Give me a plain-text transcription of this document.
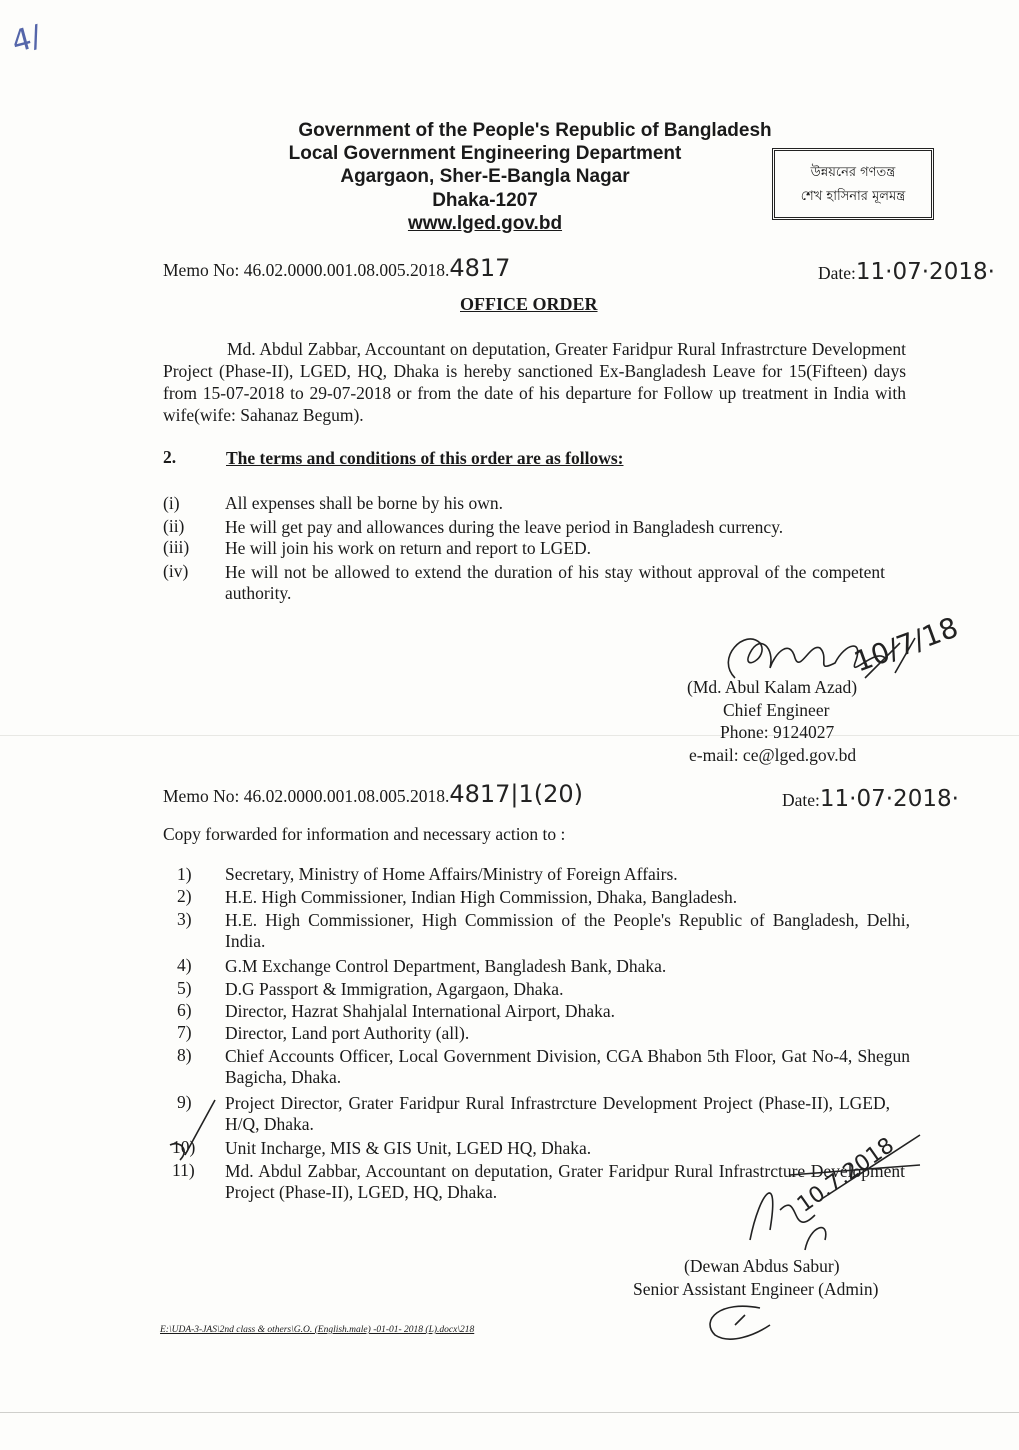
4/
Government of the People's Republic of Bangladesh
Local Government Engineering Department
Agargaon, Sher-E-Bangla Nagar
Dhaka-1207
www.lged.gov.bd
উন্নয়নের গণতন্ত্র
শেখ হাসিনার মূলমন্ত্র
Memo No: 46.02.0000.001.08.005.2018.4817	Date:11·07·2018·
OFFICE ORDER
Md. Abdul Zabbar, Accountant on deputation, Greater Faridpur Rural Infrastrcture Development Project (Phase-II), LGED, HQ, Dhaka is hereby sanctioned Ex-Bangladesh Leave for 15(Fifteen) days from 15-07-2018 to 29-07-2018 or from the date of his departure for Follow up treatment in India with wife(wife: Sahanaz Begum).
2.	The terms and conditions of this order are as follows:
(i)	All expenses shall be borne by his own.
(ii)	He will get pay and allowances during the leave period in Bangladesh currency.
(iii)	He will join his work on return and report to LGED.
(iv)	He will not be allowed to extend the duration of his stay without approval of the competent authority.
10/7/18
(Md. Abul Kalam Azad)
Chief Engineer
Phone: 9124027
e-mail: ce@lged.gov.bd
Memo No: 46.02.0000.001.08.005.2018.4817|1(20)	Date:11·07·2018·
Copy forwarded for information and necessary action to :
1)	Secretary, Ministry of Home Affairs/Ministry of Foreign Affairs.
2)	H.E. High Commissioner, Indian High Commission, Dhaka, Bangladesh.
3)	H.E. High Commissioner, High Commission of the People's Republic of Bangladesh, Delhi, India.
4)	G.M Exchange Control Department, Bangladesh Bank, Dhaka.
5)	D.G Passport & Immigration, Agargaon, Dhaka.
6)	Director, Hazrat Shahjalal International Airport, Dhaka.
7)	Director, Land port Authority (all).
8)	Chief Accounts Officer, Local Government Division, CGA Bhabon 5th Floor, Gat No-4, Shegun Bagicha, Dhaka.
9)	Project Director, Grater Faridpur Rural Infrastrcture Development Project (Phase-II), LGED, H/Q, Dhaka.
10)	Unit Incharge, MIS & GIS Unit, LGED HQ, Dhaka.
11)	Md. Abdul Zabbar, Accountant on deputation, Grater Faridpur Rural Infrastrcture Development Project (Phase-II), LGED, HQ, Dhaka.	10.7.2018
(Dewan Abdus Sabur)
Senior Assistant Engineer (Admin)
E:\UDA-3-JAS\2nd class & others\G.O. (English.male) -01-01- 2018 (L).docx\218
